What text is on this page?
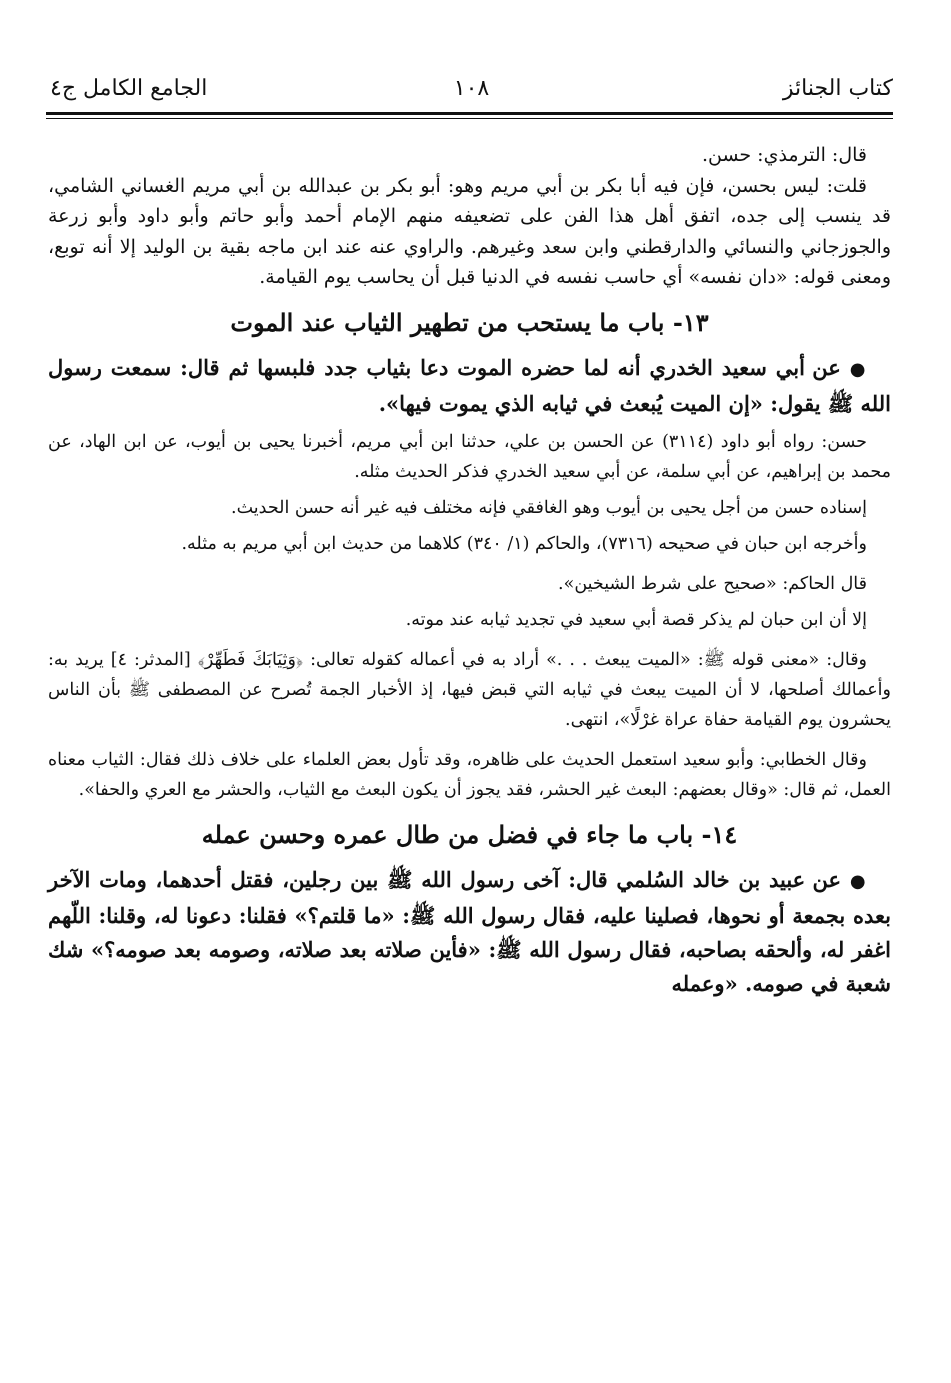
كتاب الجنائز
١٠٨
الجامع الكامل ج٤

قال: الترمذي: حسن.

قلت: ليس بحسن، فإن فيه أبا بكر بن أبي مريم وهو: أبو بكر بن عبدالله بن أبي مريم الغساني الشامي، قد ينسب إلى جده، اتفق أهل هذا الفن على تضعيفه منهم الإمام أحمد وأبو حاتم وأبو داود وأبو زرعة والجوزجاني والنسائي والدارقطني وابن سعد وغيرهم. والراوي عنه عند ابن ماجه بقية بن الوليد إلا أنه توبع، ومعنى قوله: «دان نفسه» أي حاسب نفسه في الدنيا قبل أن يحاسب يوم القيامة.

١٣- باب ما يستحب من تطهير الثياب عند الموت

● عن أبي سعيد الخدري أنه لما حضره الموت دعا بثياب جدد فلبسها ثم قال: سمعت رسول الله ﷺ يقول: «إن الميت يُبعث في ثيابه الذي يموت فيها».

حسن: رواه أبو داود (٣١١٤) عن الحسن بن علي، حدثنا ابن أبي مريم، أخبرنا يحيى بن أيوب، عن ابن الهاد، عن محمد بن إبراهيم، عن أبي سلمة، عن أبي سعيد الخدري فذكر الحديث مثله.

إسناده حسن من أجل يحيى بن أيوب وهو الغافقي فإنه مختلف فيه غير أنه حسن الحديث.

وأخرجه ابن حبان في صحيحه (٧٣١٦)، والحاكم (١/ ٣٤٠) كلاهما من حديث ابن أبي مريم به مثله.

قال الحاكم: «صحيح على شرط الشيخين».

إلا أن ابن حبان لم يذكر قصة أبي سعيد في تجديد ثيابه عند موته.

وقال: «معنى قوله ﷺ: «الميت يبعث . . .» أراد به في أعماله كقوله تعالى: ﴿وَثِيَابَكَ فَطَهِّرْ﴾ [المدثر: ٤] يريد به: وأعمالك أصلحها، لا أن الميت يبعث في ثيابه التي قبض فيها، إذ الأخبار الجمة تُصرح عن المصطفى ﷺ بأن الناس يحشرون يوم القيامة حفاة عراة غرْلًا»، انتهى.

وقال الخطابي: وأبو سعيد استعمل الحديث على ظاهره، وقد تأول بعض العلماء على خلاف ذلك فقال: الثياب معناه العمل، ثم قال: «وقال بعضهم: البعث غير الحشر، فقد يجوز أن يكون البعث مع الثياب، والحشر مع العري والحفا».

١٤- باب ما جاء في فضل من طال عمره وحسن عمله

● عن عبيد بن خالد السُلمي قال: آخى رسول الله ﷺ بين رجلين، فقتل أحدهما، ومات الآخر بعده بجمعة أو نحوها، فصلينا عليه، فقال رسول الله ﷺ: «ما قلتم؟» فقلنا: دعونا له، وقلنا: اللّهم اغفر له، وألحقه بصاحبه، فقال رسول الله ﷺ: «فأين صلاته بعد صلاته، وصومه بعد صومه؟» شك شعبة في صومه. «وعمله
